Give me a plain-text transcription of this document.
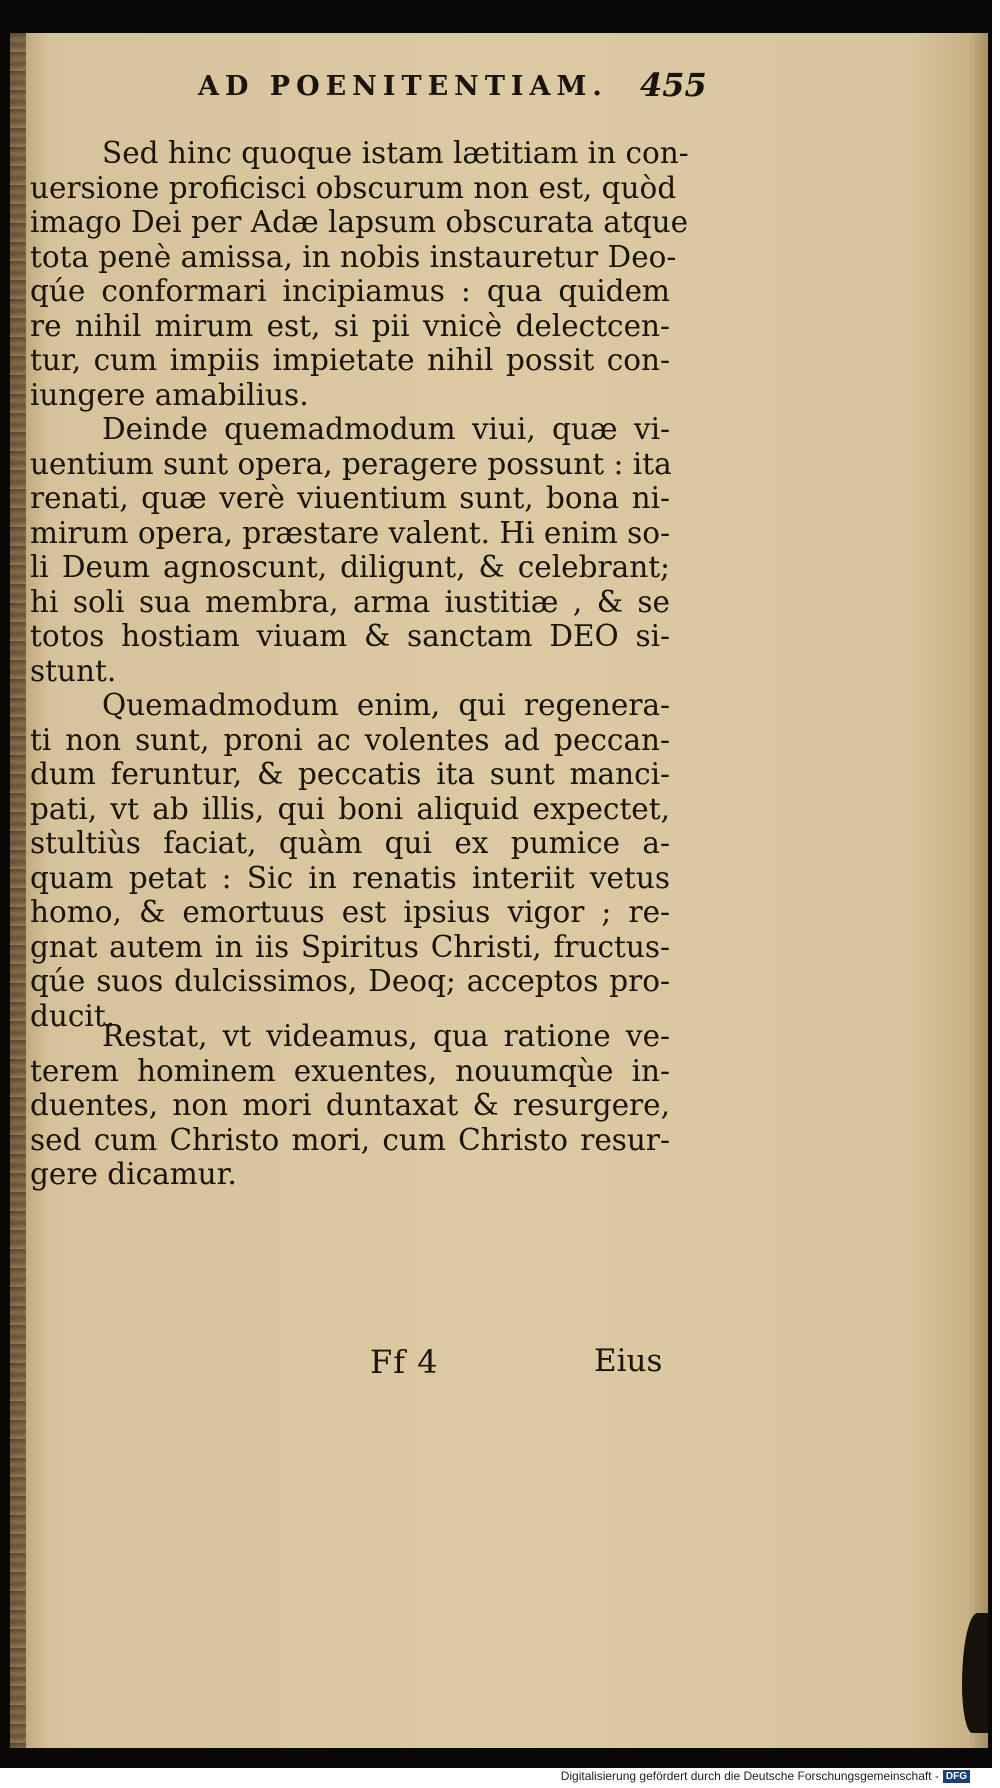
AD POENITENTIAM. 455
Sed hinc quoque istam lætitiam in con-
uersione proficisci obscurum non est, quòd
imago Dei per Adæ lapsum obscurata atque
tota penè amissa, in nobis instauretur Deo-
qúe conformari incipiamus : qua quidem
re nihil mirum est, si pii vnicè delectcen-
tur, cum impiis impietate nihil possit con-
iungere amabilius.
Deinde quemadmodum viui, quæ vi-
uentium sunt opera, peragere possunt : ita
renati, quæ verè viuentium sunt, bona ni-
mirum opera, præstare valent. Hi enim so-
li Deum agnoscunt, diligunt, & celebrant;
hi soli sua membra, arma iustitiæ , & se
totos hostiam viuam & sanctam DEO si-
stunt.
Quemadmodum enim, qui regenera-
ti non sunt, proni ac volentes ad peccan-
dum feruntur, & peccatis ita sunt manci-
pati, vt ab illis, qui boni aliquid expectet,
stultiùs faciat, quàm qui ex pumice a-
quam petat : Sic in renatis interiit vetus
homo, & emortuus est ipsius vigor ; re-
gnat autem in iis Spiritus Christi, fructus-
qúe suos dulcissimos, Deoq; acceptos pro-
ducit.
Restat, vt videamus, qua ratione ve-
terem hominem exuentes, nouumqùe in-
duentes, non mori duntaxat & resurgere,
sed cum Christo mori, cum Christo resur-
gere dicamur.
Ff 4	Eius
Digitalisierung gefördert durch die Deutsche Forschungsgemeinschaft - DFG
